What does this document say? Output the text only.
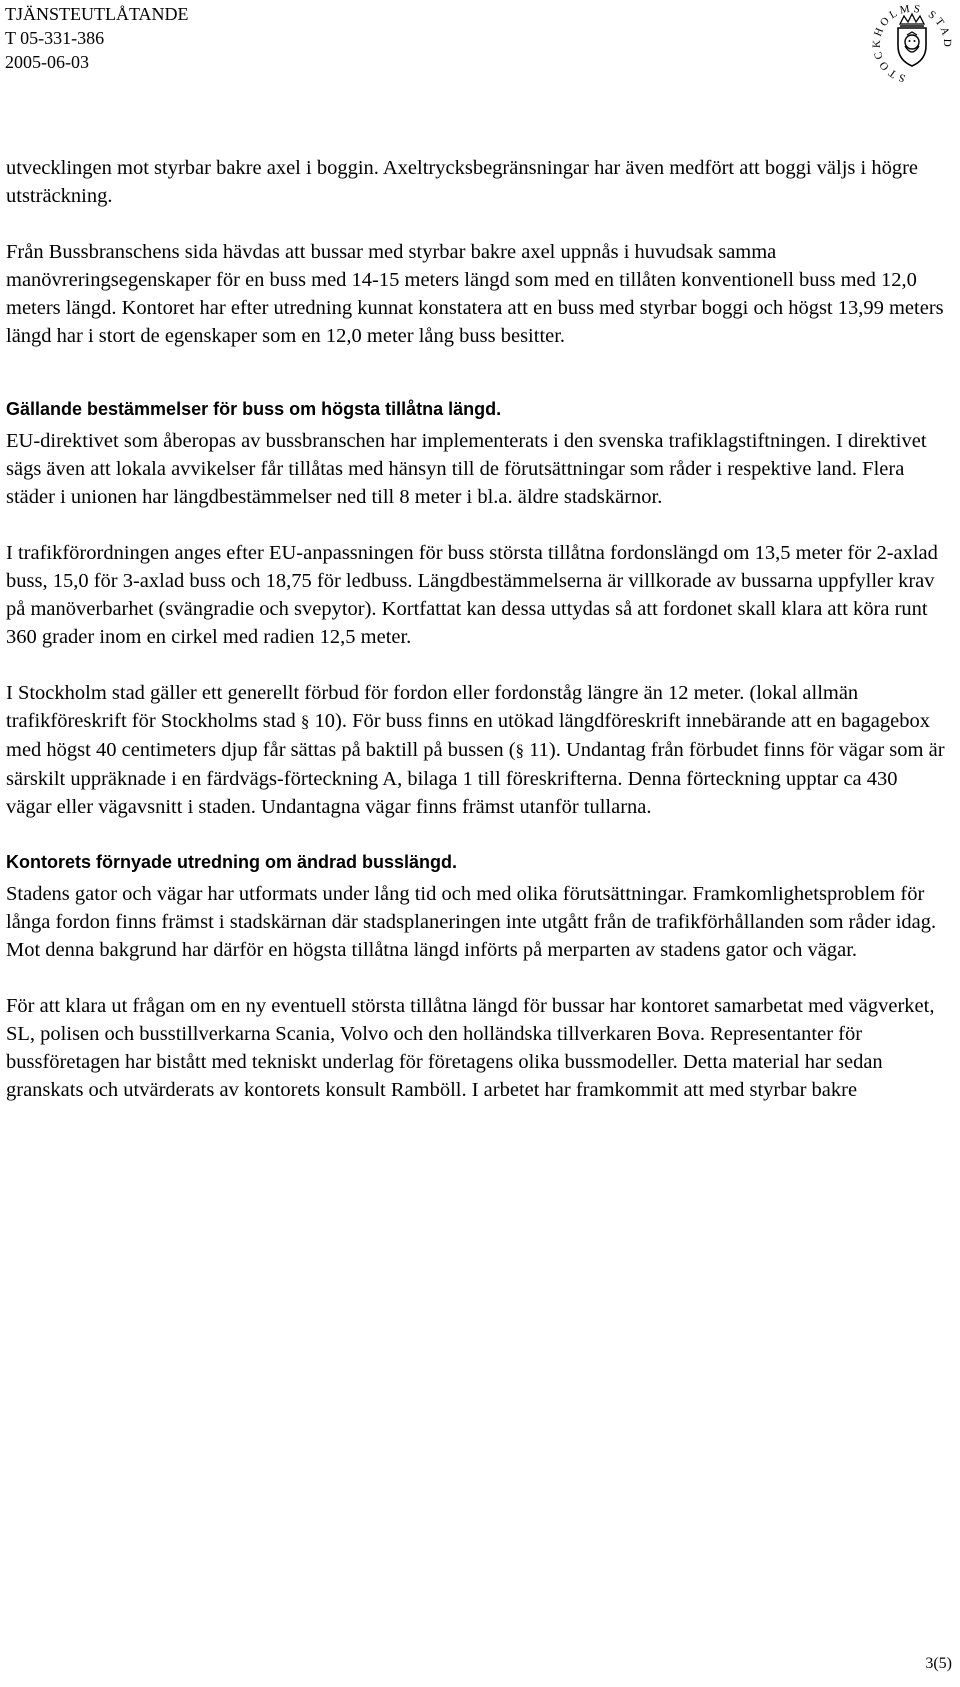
TJÄNSTEUTLÅTANDE
T 05-331-386
2005-06-03
STOCKHOLMS STAD

utvecklingen mot styrbar bakre axel i boggin. Axeltrycksbegränsningar har även medfört att boggi väljs i högre utsträckning.

Från Bussbranschens sida hävdas att bussar med styrbar bakre axel uppnås i huvudsak samma manövreringsegenskaper för en buss med 14-15 meters längd som med en tillåten konventionell buss med 12,0 meters längd. Kontoret har efter utredning kunnat konstatera att en buss med styrbar boggi och högst 13,99 meters längd har i stort de egenskaper som en 12,0 meter lång buss besitter.

Gällande bestämmelser för buss om högsta tillåtna längd.

EU-direktivet som åberopas av bussbranschen har implementerats i den svenska trafiklagstiftningen. I direktivet sägs även att lokala avvikelser får tillåtas med hänsyn till de förutsättningar som råder i respektive land. Flera städer i unionen har längdbestämmelser ned till 8 meter i bl.a. äldre stadskärnor.

I trafikförordningen anges efter EU-anpassningen för buss största tillåtna fordonslängd om 13,5 meter för 2-axlad buss, 15,0 för 3-axlad buss och 18,75 för ledbuss. Längdbestämmelserna är villkorade av bussarna uppfyller krav på manöverbarhet (svängradie och svepytor). Kortfattat kan dessa uttydas så att fordonet skall klara att köra runt 360 grader inom en cirkel med radien 12,5 meter.

I Stockholm stad gäller ett generellt förbud för fordon eller fordonståg längre än 12 meter. (lokal allmän trafikföreskrift för Stockholms stad § 10). För buss finns en utökad längdföreskrift innebärande att en bagagebox med högst 40 centimeters djup får sättas på baktill på bussen (§ 11). Undantag från förbudet finns för vägar som är särskilt uppräknade i en färdvägs-förteckning A, bilaga 1 till föreskrifterna. Denna förteckning upptar ca 430 vägar eller vägavsnitt i staden. Undantagna vägar finns främst utanför tullarna.

Kontorets förnyade utredning om ändrad busslängd.

Stadens gator och vägar har utformats under lång tid och med olika förutsättningar. Framkomlighetsproblem för långa fordon finns främst i stadskärnan där stadsplaneringen inte utgått från de trafikförhållanden som råder idag. Mot denna bakgrund har därför en högsta tillåtna längd införts på merparten av stadens gator och vägar.

För att klara ut frågan om en ny eventuell största tillåtna längd för bussar har kontoret samarbetat med vägverket, SL, polisen och busstillverkarna Scania, Volvo och den holländska tillverkaren Bova. Representanter för bussföretagen har bistått med tekniskt underlag för företagens olika bussmodeller. Detta material har sedan granskats och utvärderats av kontorets konsult Ramböll. I arbetet har framkommit att med styrbar bakre

3(5)
